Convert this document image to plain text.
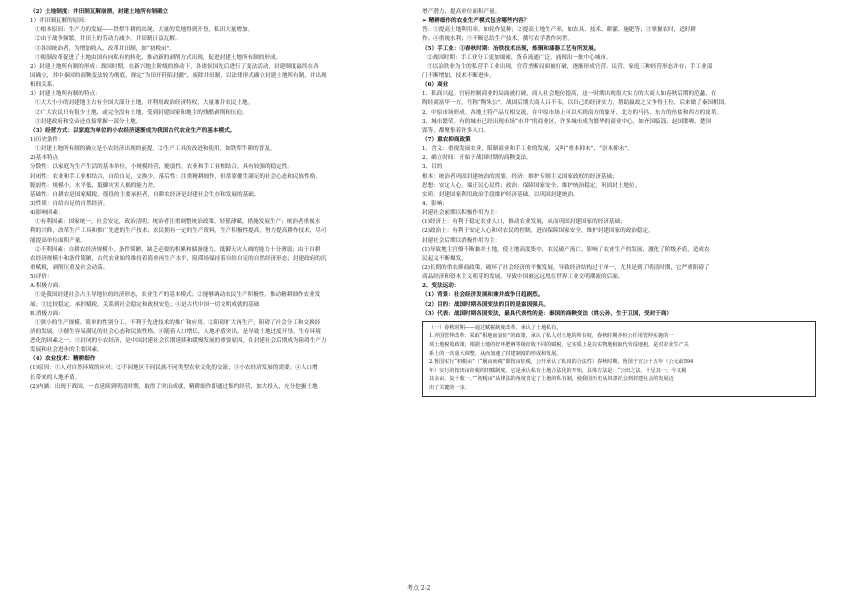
（2）土地制度：井田制瓦解崩溃，封建土地所有制确立
1）井田制瓦解的原因：
①根本原因：生产力的发展——铁犁牛耕的出现，大量的荒地得到开垦，私田大量增加。
②由于战争频繁，井田上的劳动力减少，井田制日益瓦解。
③各国统治者，为增加收入，改革井田制，如“初税亩”。
⑤税制改革促进了土地由国有向私有的转化，推动新的剥削方式出现，促进封建土地所有制的形成。
2）封建土地所有制的形成：战国时期，在新兴地主阶级的推动下，各诸侯国先后进行了变法活动，封建制度最终在各
国确立，其中秦国的商鞅变法较为彻底，规定“为田开阡陌封疆”，废除井田制，以法律形式确立封建土地所有制，并出现
租佃关系。
3）封建土地所有制的特点：
①大大小小的封建地主占有全国大部分土地，并利用政治经济特权，大量兼并农民土地。
②广大农民只有很少土地，或完全没有土地，受到封建国家和地主的残酷剥削和压迫。
③封建政府和皇帝还直接掌握一部分土地。
（3）经营方式：以家庭为单位的小农经济逐渐成为我国古代农业生产的基本模式。
1)历史条件：
①封建土地所有制的确立是小农经济出现的前提。②生产工具的改进和使用，如铁犁牛耕的普及。
2)基本特点
分散性：以家庭为生产生活的基本单位，小规模经营，脆弱性，农业和手工业相结合，具有较强的稳定性。
封闭性：农业和手工业相结合，自给自足，交换少，落后性：注重精耕细作，但常靠催生满足的社会心态和民族性格。
脆弱性：规模小，水平低，抵御灾害人祸的能力差。
基础性：自耕农是国家赋税、徭役的主要承担者，自耕农经济是封建社会生存和发展的基础。
3)性质：自给自足的自然经济。
4)影响因素：
①有利因素：国家统一，社会安定，政治清明；统治者注重调整统治政策，轻徭薄赋，措施发展生产；统治者重视水
利的兴修，改革生产工具和推广先进的生产技术；农民拥有一定的生产资料，生产积极性提高，努力提高耕作技术，尽可
能提高单位面积产量。
②不利因素：自耕农经济规模小，条件简陋，缺乏必要的积累和储备能力，抵御天灾人祸的能力十分薄弱；由于自耕
农经济规模小和条件简陋，古代农业始终维持着简单再生产水平，阻滞场保持着自给自足的自然经济形态；封建政府的沉
重赋税，剥削压重及社会动荡。
5)评价：
A.积极方面：
①是我国封建社会占主导地位的经济形态，农业生产的基本模式；②能够调动农民生产积极性，推动精耕细作农业发
展；③比较稳定，承担赋税，关系到社会稳定和政权安危；④是古代中国一切文明成就的基础
B.消极方面：
①狭小的生产规模、简单的性别分工，不利于先进技术的推广和应用。②阻碍扩大再生产，阻碍了社会分工和交换经
济的发展。③催生容易满足的社会心态和民族性格。④随着人口增长，人地矛盾突出，是导致土地过度开垦、生存环境
恶化的因素之一。⑤封闭的小农经济，是中国封建社会长期延续和缓慢发展的重要原因，在封建社会后期成为阻碍生产力
发展和社会进步的主要因素。
（4）农业技术：精耕细作
(1)原因：①人对自然环境的应对；②不同地区不同民族不同类型农业文化的交流；③小农经济发展的需要；④人口增
长带来的人地矛盾。
(2)内涵：出现于战国，一直延续到明清时期，取得了突出成就，精耕细作即通过集约经营、加大投入，充分挖掘土地
增产潜力，提高单位面积产量。
➢ 精耕细作的农业生产模式包含哪些内容？
答：①提高土地利用率，如轮作复种；②提高土地生产率，如农具、技术、耕灌、施肥等；③掌握农时，适时耕
作；④重视水利；⑤不断总结生产技术，撰写农学著作问世。
（5）手工业：①春秋时期：冶铁技术出现，炼铜和漆器工艺有所发展。
②战国时期：手工业分工更加细密，货币流通广泛，涌现出一批中心城市。
③以冶铁业为主的私营手工业出现，官营垄断局面被打破，逐渐形成官营、民营、家庭三种经营形态并存；手工业部
门不断增加，技术不断进步。
（6）商业
1、私商兴起。官府控制商业的局面被打破，商人社会地位提高，这一时期出现很大实力的大商人如春秋后期的范蠡，在
陶经商富甲一方，号称“陶朱公”。战国后期大商人吕不韦，以自己的经济实力，帮助嬴政之父争得王位，后来做了秦国相国。
2、中原市场形成。各地土特产品互相交流，在中原市场上可以买到南方的象牙、北方的马匹、东方的鱼盐和西方的皮革。
3、城市繁荣。有的城市已经出现市场“市井”的商业区，许多城市成为繁华的商业中心，如齐国临淄、赵国邯郸、楚国
郢等，都聚集着许多人口。
（7）重农抑商政策
1、含义：重视发展农业，限制商业和手工业的发展，又叫“重本抑末”，“崇本抑末”。
2、确立时间：开始于战国时期的商鞅变法。
3、目的
根本：统治者巩固封建统治的需要，经济：维护专制主义国家政权的经济基础；
思想：安定人心，端正民心民性；政治：保障国家安全，维护统治稳定，巩固封土地位。
实质：封建国家利用政治手段维护经济基础，以巩固封建统治。
4、影响：
封建社会前期以积极作用为主：
(1)经济上：有利于稳定农业人口，推动农业发展，从而巩固封建国家的经济基础；
(2)政治上：有利于安定人心和对农民的控制，进而保障国家安全，维护封建国家的政治稳定。
封建社会后期以消极作用为主：
(1)导致地主官僚不断兼并土地，使土地高度集中，农民破产流亡，影响了农业生产的发展，激化了阶级矛盾，造成农
民起义不断爆发。
(2)长期的重农抑商政策，破坏了社会经济的平衡发展，导致经济结构过于单一，尤其是到了明清时期，它严重阻碍了
商品经济和资本主义萌芽的发展，导致中国被远远甩在世界工业文明潮流的后面。
2、变法运动：
（1）背景：社会经济发展和兼并战争日趋剧烈。
（2）目的：战国时期各国变法的目的是富国强兵。
（3）代表：战国时期各国变法，最具代表性的是：秦国的商鞅变法（姓公孙，生于卫国，受封于商）
（一）春秋时期——通过赋税制度改革，承认了土地私有。
1.齐国管仲改革：采取“相地而衰征”的政策，承认了私人对土地的所有权，春秋时期齐桓公任用管仲实施的一
项土地税收政策，根据土地的好坏肥瘠等级征收不同的赋税，它实质上是以实物地租取代劳役地租，是对农业生产关
系上的一次重大调整，从而加速了封建制度的形成和发展。
2.鲁国实行“初税亩”（“履亩而税”即按亩征税，公开承认了私田的合法性）春秋时期，鲁国于宣公十五年（公元前594
年）实行的按田亩征税的田赋制度。它是承认私有土地合法化的开始，具体方法是：“公田之法，十足其一；今又履
其余亩，复十收一。”“初税亩”从律法的角度肯定了土地的私有制，使我国历史从奴隶社会到封建社会的发展迈
出了关键的一步。
考点 2-2
